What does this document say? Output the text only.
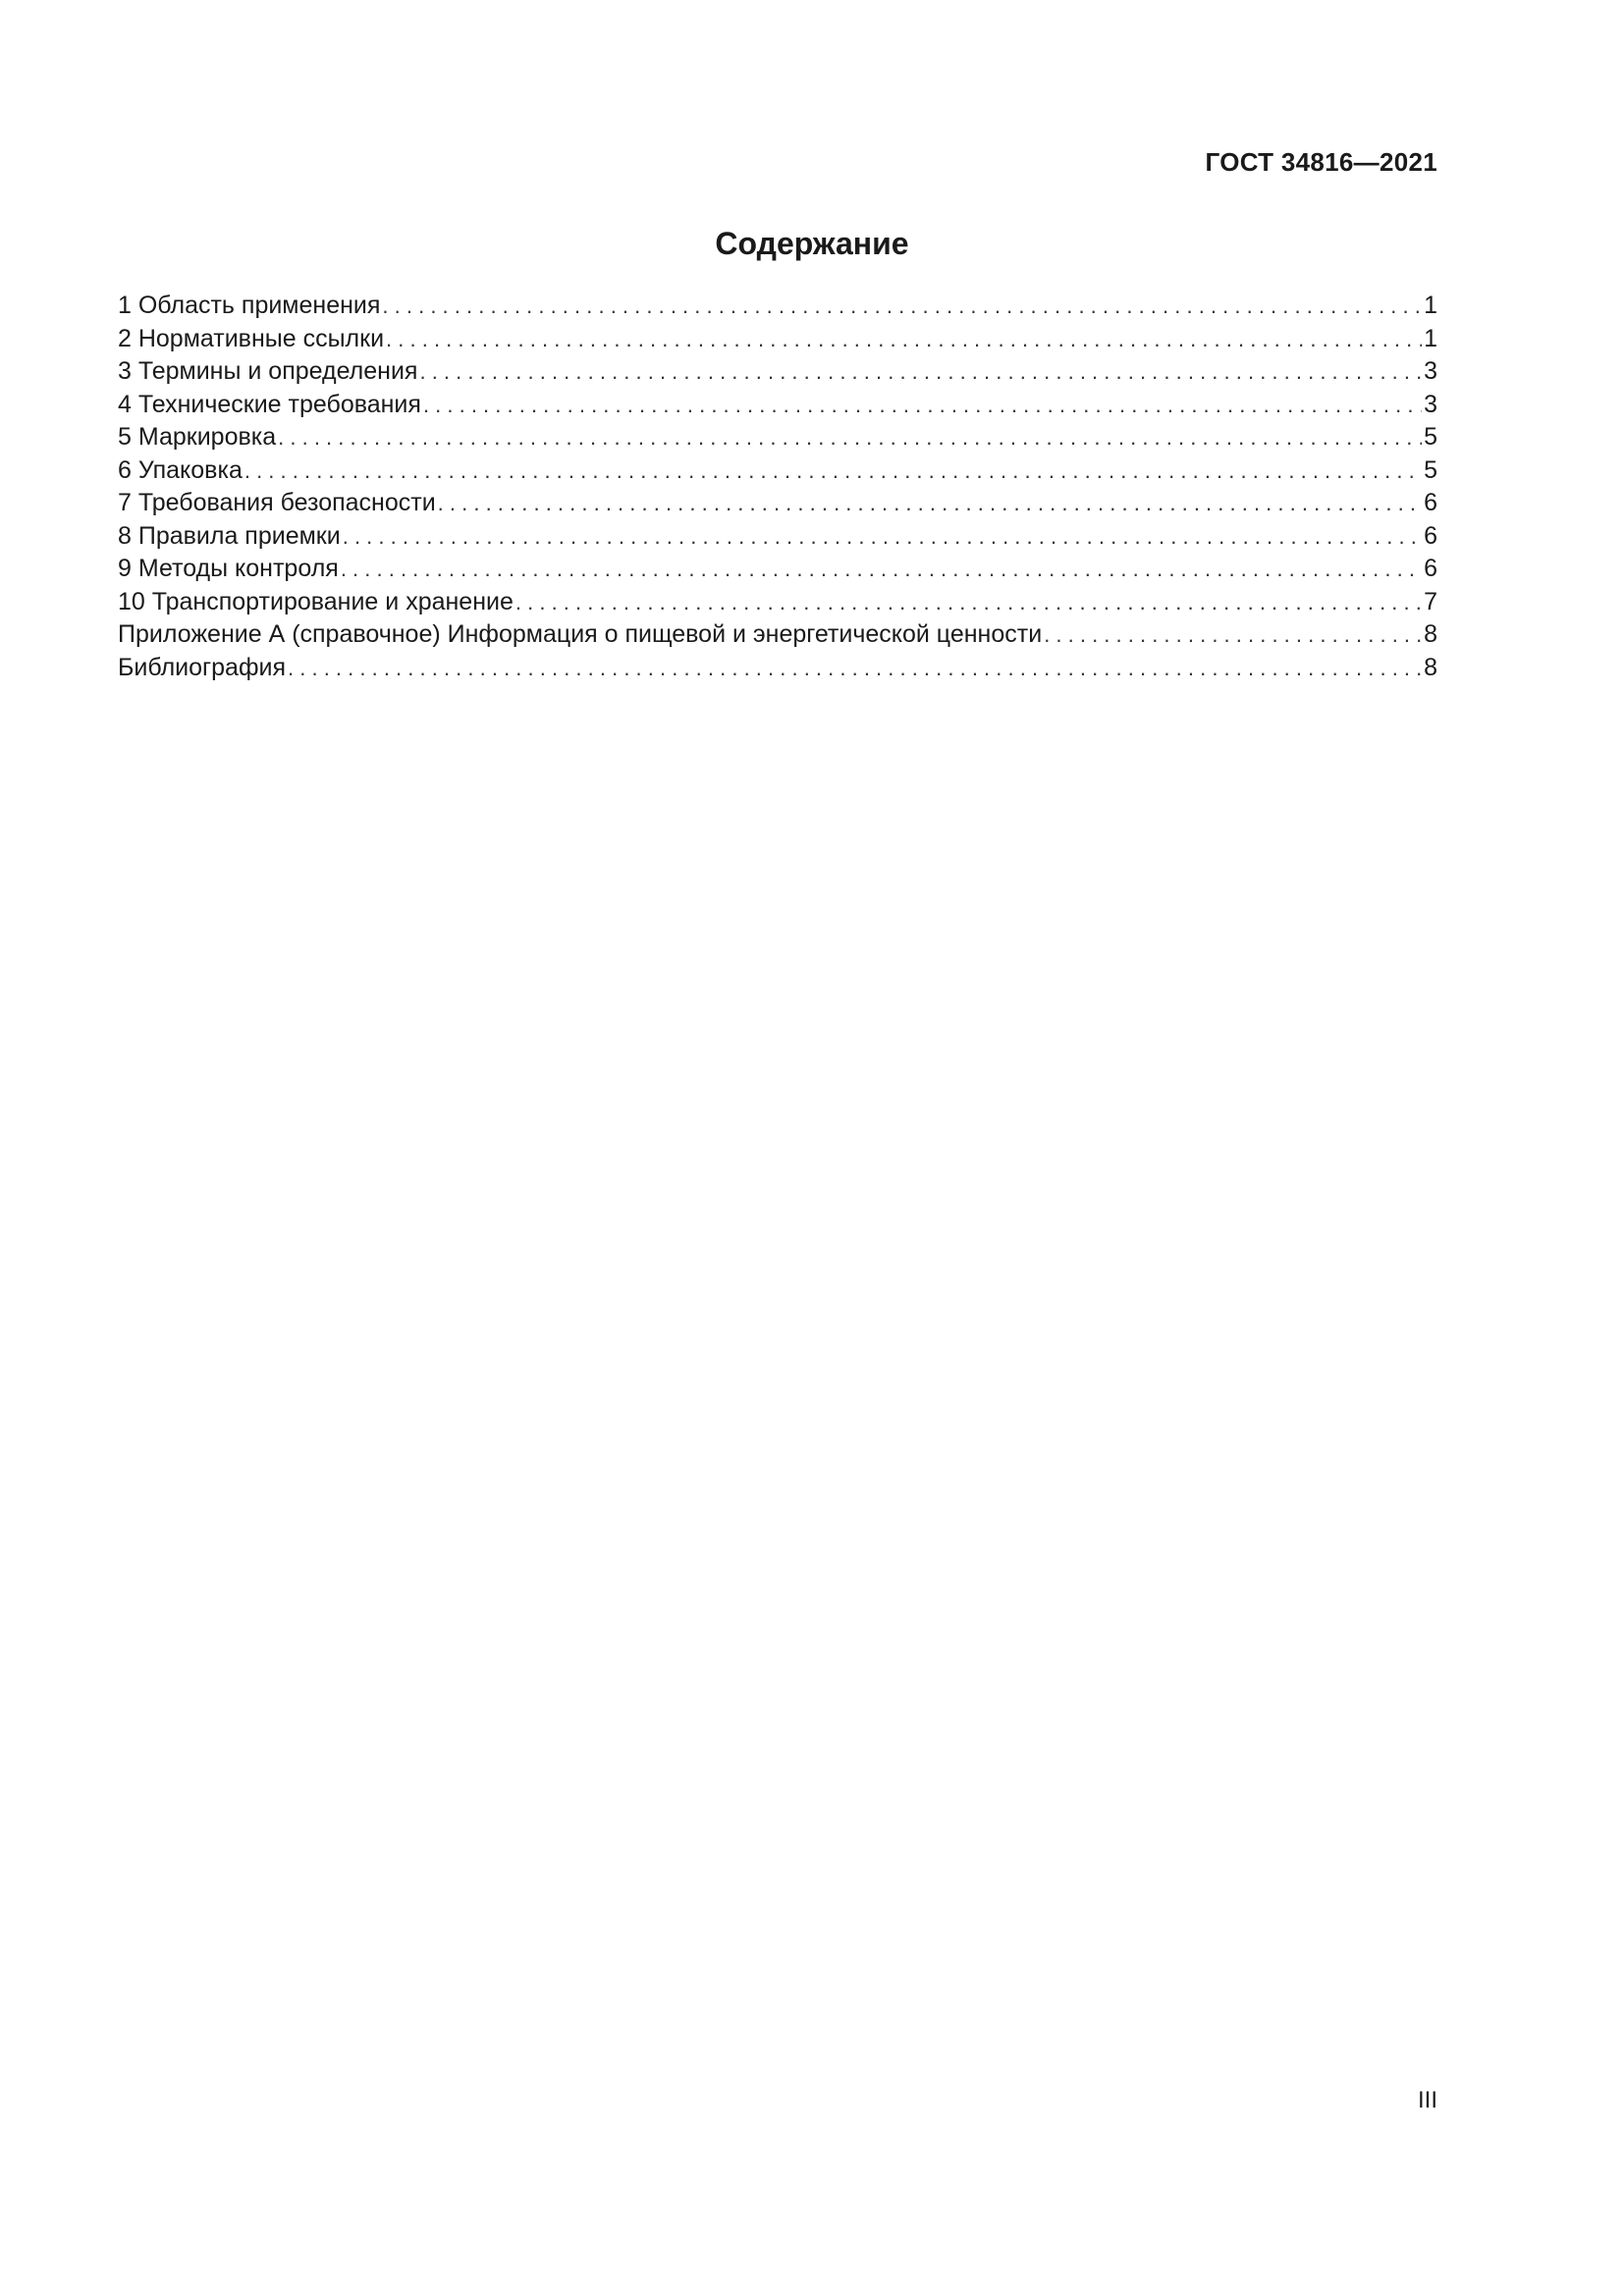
ГОСТ 34816—2021
Содержание
1 Область применения . . .	1
2 Нормативные ссылки . . .	1
3 Термины и определения . . .	3
4 Технические требования . . .	3
5 Маркировка . . .	5
6 Упаковка . . .	5
7 Требования безопасности . . .	6
8 Правила приемки . . .	6
9 Методы контроля . . .	6
10 Транспортирование и хранение . . .	7
Приложение А (справочное) Информация о пищевой и энергетической ценности . . .	8
Библиография . . .	8
III
